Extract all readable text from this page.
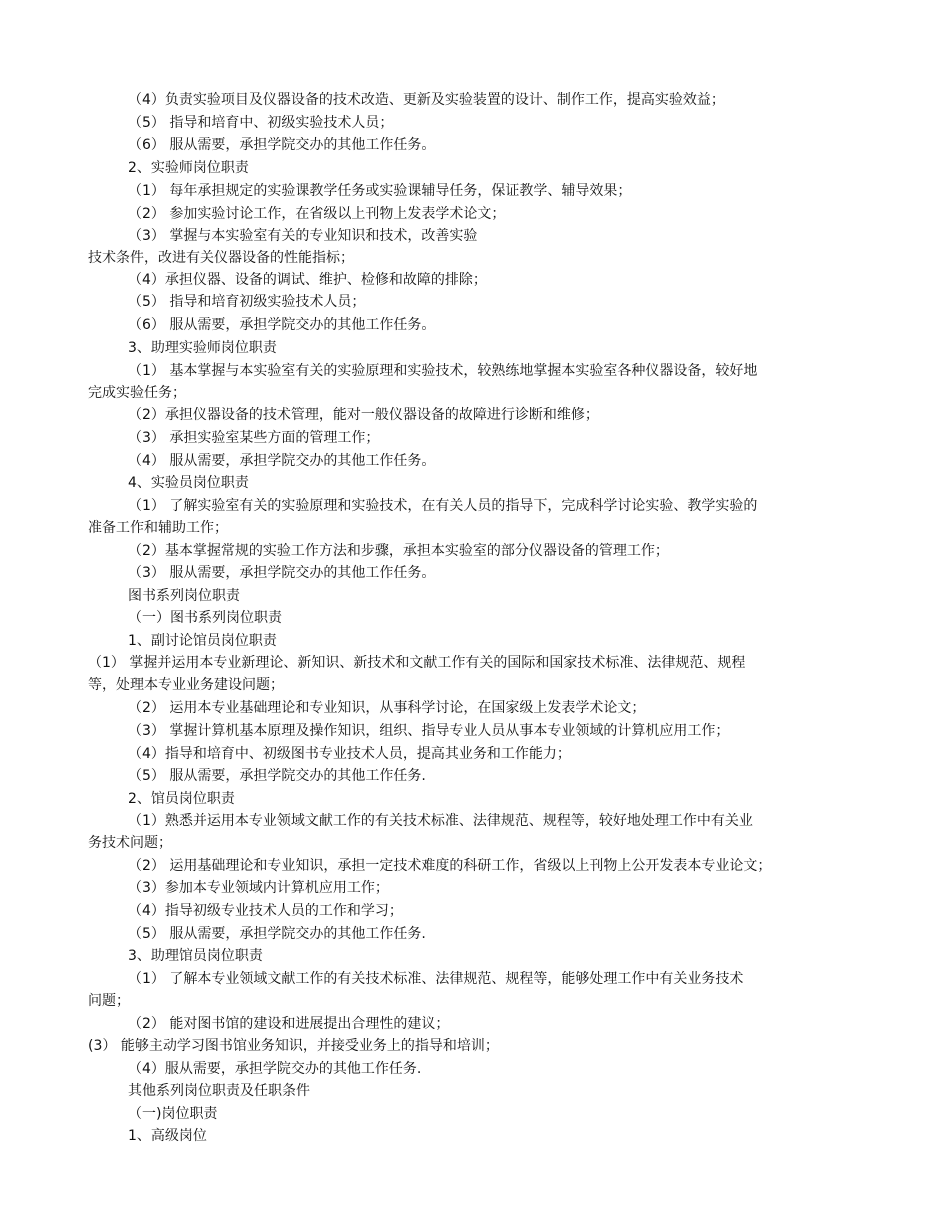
（4）负责实验项目及仪器设备的技术改造、更新及实验装置的设计、制作工作，提高实验效益；
（5） 指导和培育中、初级实验技术人员；
（6） 服从需要，承担学院交办的其他工作任务。
2、实验师岗位职责
（1） 每年承担规定的实验课教学任务或实验课辅导任务，保证教学、辅导效果；
（2） 参加实验讨论工作，在省级以上刊物上发表学术论文；
（3） 掌握与本实验室有关的专业知识和技术，改善实验
技术条件，改进有关仪器设备的性能指标；
（4）承担仪器、设备的调试、维护、检修和故障的排除；
（5） 指导和培育初级实验技术人员；
（6） 服从需要，承担学院交办的其他工作任务。
3、助理实验师岗位职责
（1） 基本掌握与本实验室有关的实验原理和实验技术，较熟练地掌握本实验室各种仪器设备，较好地
完成实验任务；
（2）承担仪器设备的技术管理，能对一般仪器设备的故障进行诊断和维修；
（3） 承担实验室某些方面的管理工作；
（4） 服从需要，承担学院交办的其他工作任务。
4、实验员岗位职责
（1） 了解实验室有关的实验原理和实验技术，在有关人员的指导下，完成科学讨论实验、教学实验的
准备工作和辅助工作；
（2）基本掌握常规的实验工作方法和步骤，承担本实验室的部分仪器设备的管理工作；
（3） 服从需要，承担学院交办的其他工作任务。
图书系列岗位职责
（一）图书系列岗位职责
1、副讨论馆员岗位职责
（1） 掌握并运用本专业新理论、新知识、新技术和文献工作有关的国际和国家技术标准、法律规范、规程
等，处理本专业业务建设问题；
（2） 运用本专业基础理论和专业知识，从事科学讨论，在国家级上发表学术论文；
（3） 掌握计算机基本原理及操作知识，组织、指导专业人员从事本专业领域的计算机应用工作；
（4）指导和培育中、初级图书专业技术人员，提高其业务和工作能力；
（5） 服从需要，承担学院交办的其他工作任务.
2、馆员岗位职责
（1）熟悉并运用本专业领域文献工作的有关技术标准、法律规范、规程等，较好地处理工作中有关业
务技术问题；
（2） 运用基础理论和专业知识，承担一定技术难度的科研工作，省级以上刊物上公开发表本专业论文；
（3）参加本专业领域内计算机应用工作；
（4）指导初级专业技术人员的工作和学习；
（5） 服从需要，承担学院交办的其他工作任务.
3、助理馆员岗位职责
（1） 了解本专业领域文献工作的有关技术标准、法律规范、规程等，能够处理工作中有关业务技术
问题；
（2） 能对图书馆的建设和进展提出合理性的建议；
(3） 能够主动学习图书馆业务知识，并接受业务上的指导和培训；
（4）服从需要，承担学院交办的其他工作任务.
其他系列岗位职责及任职条件
（一)岗位职责
1、高级岗位
